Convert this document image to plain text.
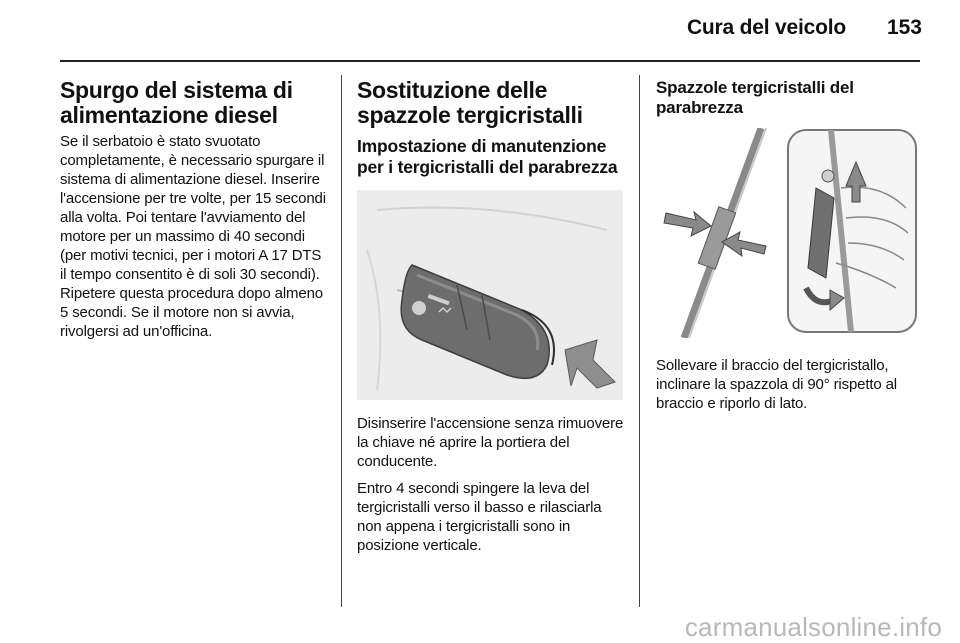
Cura del veicolo	153
Spurgo del sistema di alimentazione diesel

Se il serbatoio è stato svuotato completamente, è necessario spurgare il sistema di alimentazione diesel. Inserire l'accensione per tre volte, per 15 secondi alla volta. Poi tentare l'avviamento del motore per un massimo di 40 secondi (per motivi tecnici, per i motori A 17 DTS il tempo consentito è di soli 30 secondi). Ripetere questa procedura dopo almeno 5 secondi. Se il motore non si avvia, rivolgersi ad un'officina.

Sostituzione delle spazzole tergicristalli
Impostazione di manutenzione per i tergicristalli del parabrezza

Disinserire l'accensione senza rimuovere la chiave né aprire la portiera del conducente.

Entro 4 secondi spingere la leva del tergicristalli verso il basso e rilasciarla non appena i tergicristalli sono in posizione verticale.

Spazzole tergicristalli del parabrezza

Sollevare il braccio del tergicristallo, inclinare la spazzola di 90° rispetto al braccio e riporlo di lato.

carmanualsonline.info
